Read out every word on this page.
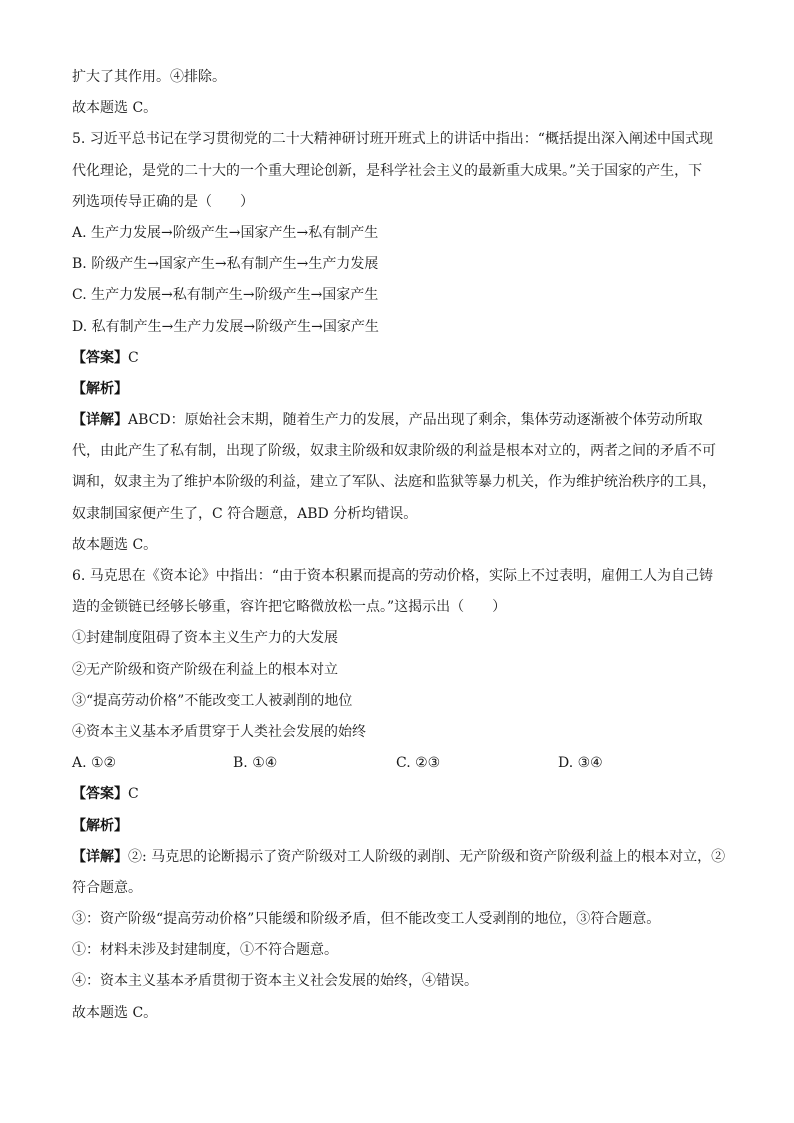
扩大了其作用。④排除。
故本题选 C。
5. 习近平总书记在学习贯彻党的二十大精神研讨班开班式上的讲话中指出：“概括提出深入阐述中国式现
代化理论，是党的二十大的一个重大理论创新，是科学社会主义的最新重大成果。”关于国家的产生，下
列选项传导正确的是（　　）
A. 生产力发展→阶级产生→国家产生→私有制产生
B. 阶级产生→国家产生→私有制产生→生产力发展
C. 生产力发展→私有制产生→阶级产生→国家产生
D. 私有制产生→生产力发展→阶级产生→国家产生
【答案】C
【解析】
【详解】ABCD：原始社会末期，随着生产力的发展，产品出现了剩余，集体劳动逐渐被个体劳动所取
代，由此产生了私有制，出现了阶级，奴隶主阶级和奴隶阶级的利益是根本对立的，两者之间的矛盾不可
调和，奴隶主为了维护本阶级的利益，建立了军队、法庭和监狱等暴力机关，作为维护统治秩序的工具，
奴隶制国家便产生了，C 符合题意，ABD 分析均错误。
故本题选 C。
6. 马克思在《资本论》中指出：“由于资本积累而提高的劳动价格，实际上不过表明，雇佣工人为自己铸
造的金锁链已经够长够重，容许把它略微放松一点。”这揭示出（　　）
①封建制度阻碍了资本主义生产力的大发展
②无产阶级和资产阶级在利益上的根本对立
③“提高劳动价格”不能改变工人被剥削的地位
④资本主义基本矛盾贯穿于人类社会发展的始终
A. ①②	B. ①④	C. ②③	D. ③④
【答案】C
【解析】
【详解】②: 马克思的论断揭示了资产阶级对工人阶级的剥削、无产阶级和资产阶级利益上的根本对立，②
符合题意。
③：资产阶级“提高劳动价格”只能缓和阶级矛盾，但不能改变工人受剥削的地位，③符合题意。
①：材料未涉及封建制度，①不符合题意。
④：资本主义基本矛盾贯彻于资本主义社会发展的始终，④错误。
故本题选 C。
